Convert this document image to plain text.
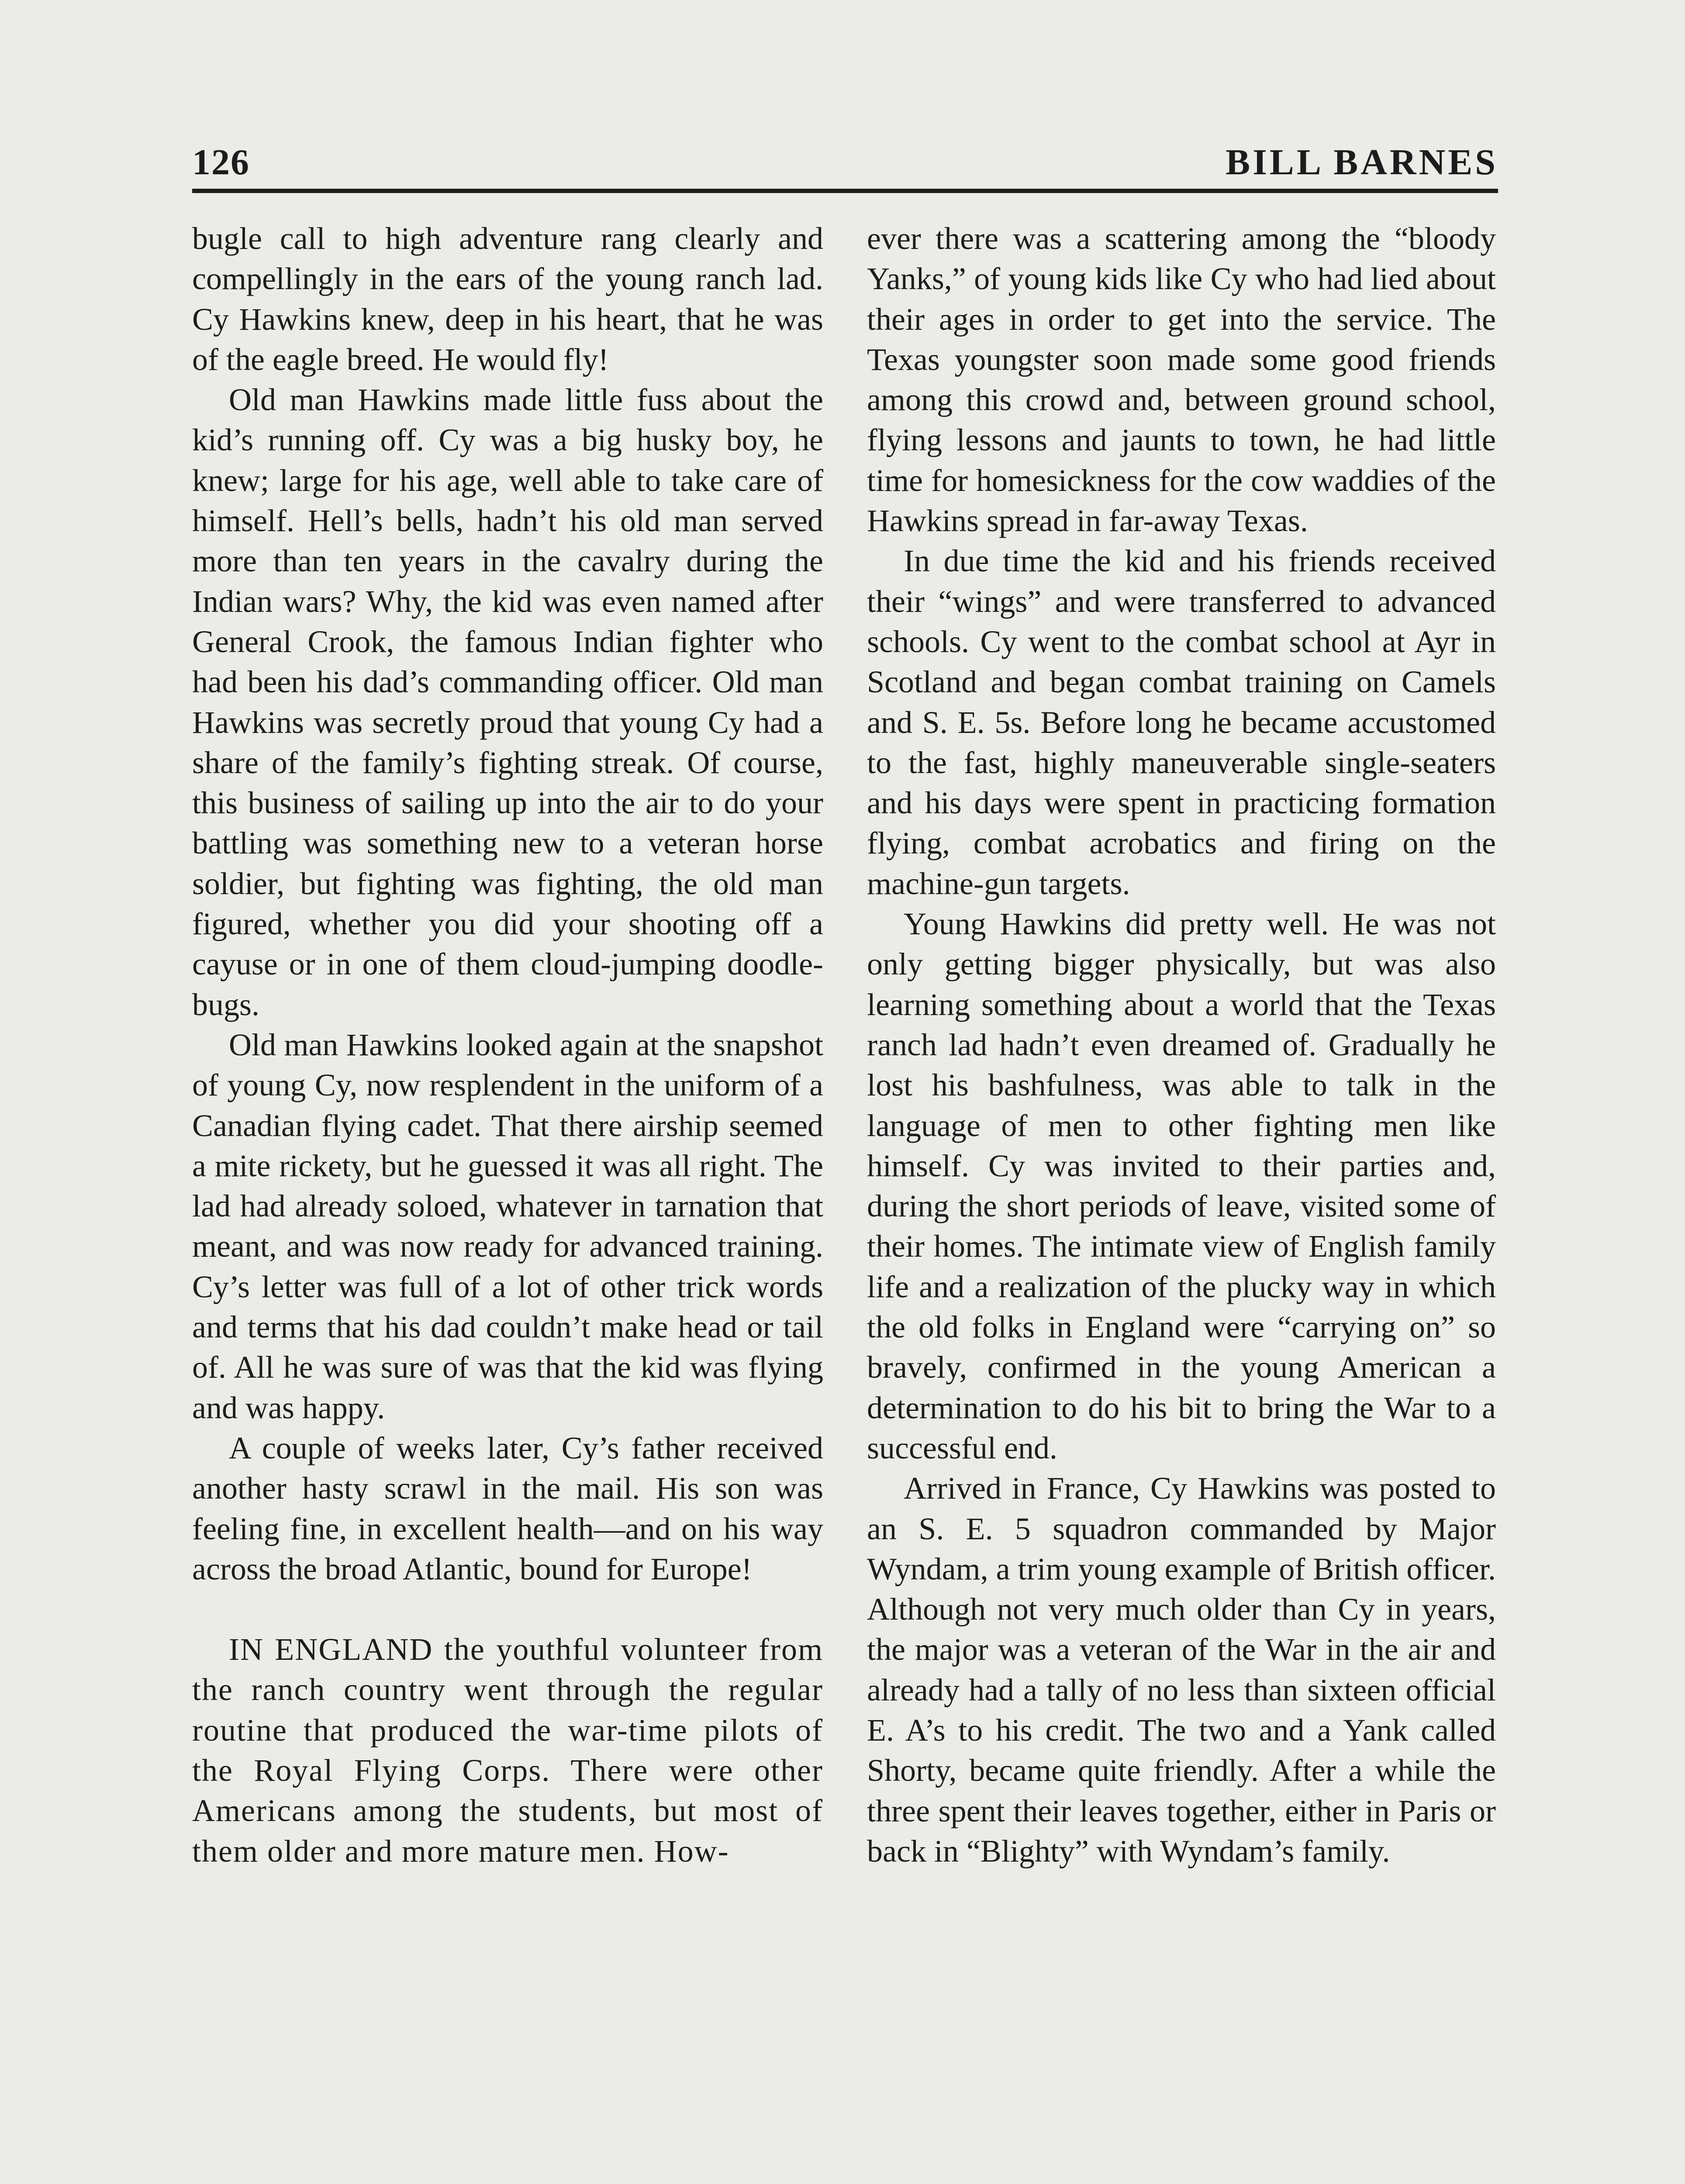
126	BILL BARNES

bugle call to high adventure rang clearly and compellingly in the ears of the young ranch lad. Cy Hawkins knew, deep in his heart, that he was of the eagle breed. He would fly!

Old man Hawkins made little fuss about the kid’s running off. Cy was a big husky boy, he knew; large for his age, well able to take care of himself. Hell’s bells, hadn’t his old man served more than ten years in the cavalry during the Indian wars? Why, the kid was even named after General Crook, the famous Indian fighter who had been his dad’s commanding officer. Old man Hawkins was secretly proud that young Cy had a share of the family’s fighting streak. Of course, this business of sailing up into the air to do your battling was something new to a veteran horse soldier, but fighting was fighting, the old man figured, whether you did your shooting off a cayuse or in one of them cloud-jumping doodle-bugs.

Old man Hawkins looked again at the snapshot of young Cy, now resplendent in the uniform of a Canadian flying cadet. That there airship seemed a mite rickety, but he guessed it was all right. The lad had already soloed, whatever in tarnation that meant, and was now ready for advanced training. Cy’s letter was full of a lot of other trick words and terms that his dad couldn’t make head or tail of. All he was sure of was that the kid was flying and was happy.

A couple of weeks later, Cy’s father received another hasty scrawl in the mail. His son was feeling fine, in excellent health—and on his way across the broad Atlantic, bound for Europe!

IN ENGLAND the youthful volunteer from the ranch country went through the regular routine that produced the war-time pilots of the Royal Flying Corps. There were other Americans among the students, but most of them older and more mature men. How-

ever there was a scattering among the “bloody Yanks,” of young kids like Cy who had lied about their ages in order to get into the service. The Texas youngster soon made some good friends among this crowd and, between ground school, flying lessons and jaunts to town, he had little time for homesickness for the cow waddies of the Hawkins spread in far-away Texas.

In due time the kid and his friends received their “wings” and were transferred to advanced schools. Cy went to the combat school at Ayr in Scotland and began combat training on Camels and S. E. 5s. Before long he became accustomed to the fast, highly maneuverable single-seaters and his days were spent in practicing formation flying, combat acrobatics and firing on the machine-gun targets.

Young Hawkins did pretty well. He was not only getting bigger physically, but was also learning something about a world that the Texas ranch lad hadn’t even dreamed of. Gradually he lost his bashfulness, was able to talk in the language of men to other fighting men like himself. Cy was invited to their parties and, during the short periods of leave, visited some of their homes. The intimate view of English family life and a realization of the plucky way in which the old folks in England were “carrying on” so bravely, confirmed in the young American a determination to do his bit to bring the War to a successful end.

Arrived in France, Cy Hawkins was posted to an S. E. 5 squadron commanded by Major Wyndam, a trim young example of British officer. Although not very much older than Cy in years, the major was a veteran of the War in the air and already had a tally of no less than sixteen official E. A’s to his credit. The two and a Yank called Shorty, became quite friendly. After a while the three spent their leaves together, either in Paris or back in “Blighty” with Wyndam’s family.
